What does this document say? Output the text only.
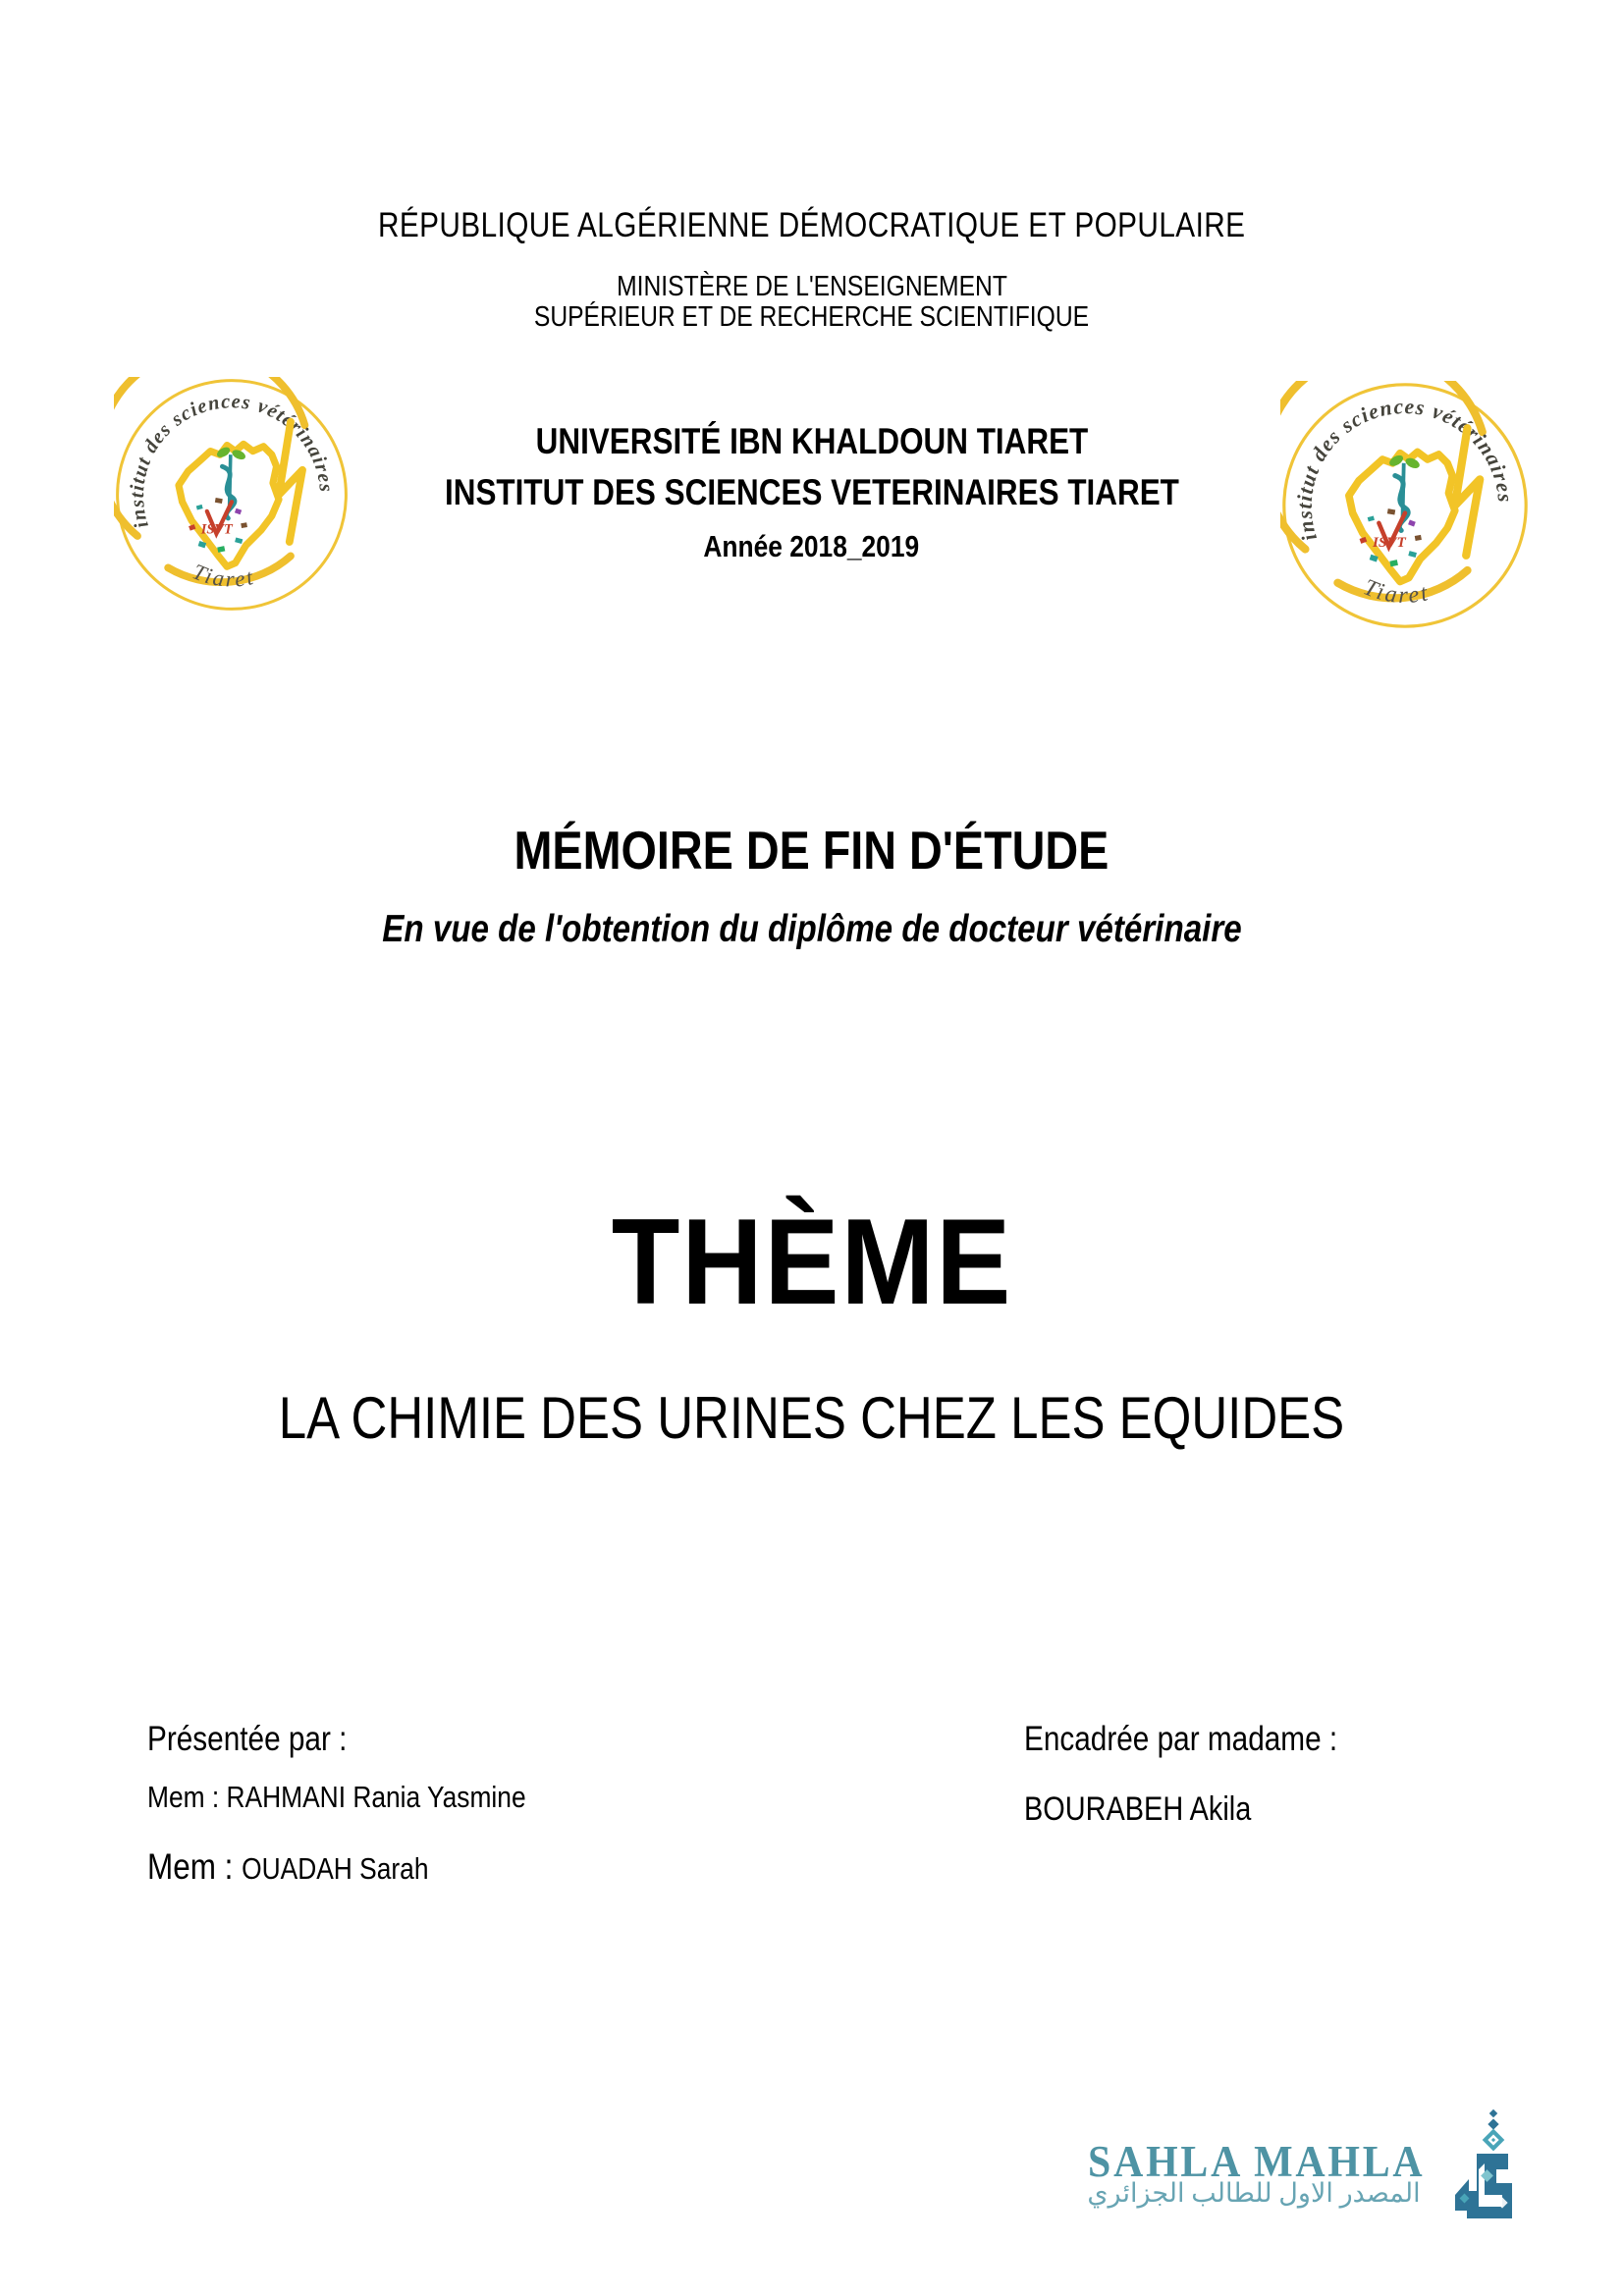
RÉPUBLIQUE ALGÉRIENNE DÉMOCRATIQUE ET POPULAIRE
MINISTÈRE DE L'ENSEIGNEMENT
SUPÉRIEUR ET DE RECHERCHE SCIENTIFIQUE
institut des sciences vétérinaires
Tiaret
ISVT	institut des sciences vétérinaires
Tiaret
ISVT
UNIVERSITÉ IBN KHALDOUN TIARET
INSTITUT DES SCIENCES VETERINAIRES TIARET
Année 2018_2019
MÉMOIRE DE FIN D'ÉTUDE
En vue de l'obtention du diplôme de docteur vétérinaire
THÈME
LA CHIMIE DES URINES CHEZ LES EQUIDES
Présentée par :
Mem : RAHMANI Rania Yasmine
Mem : OUADAH Sarah
Encadrée par madame :
BOURABEH Akila
SAHLA MAHLA
المصدر الاول للطالب الجزائري
